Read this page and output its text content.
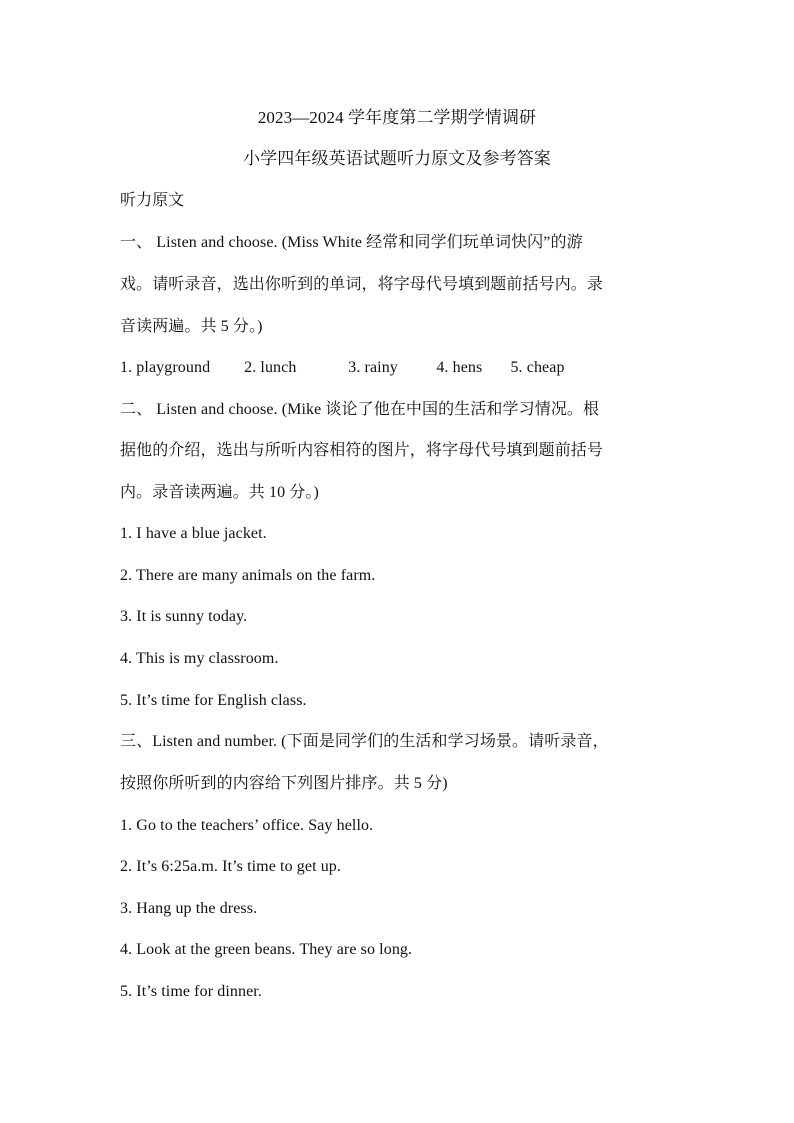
2023—2024 学年度第二学期学情调研
小学四年级英语试题听力原文及参考答案
听力原文
一、 Listen and choose. (Miss White 经常和同学们玩单词快闪”的游
戏。请听录音，选出你听到的单词，将字母代号填到题前括号内。录
音读两遍。共 5 分。)
1. playground 2. lunch	3. rainy 4. hens 5. cheap
二、 Listen and choose. (Mike 谈论了他在中国的生活和学习情况。根
据他的介绍，选出与所听内容相符的图片，将字母代号填到题前括号
内。录音读两遍。共 10 分。)
1. I have a blue jacket.
2. There are many animals on the farm.
3. It is sunny today.
4. This is my classroom.
5. It’s time for English class.
三、Listen and number. (下面是同学们的生活和学习场景。请听录音，
按照你所听到的内容给下列图片排序。共 5 分)
1. Go to the teachers’ office. Say hello.
2. It’s 6:25a.m. It’s time to get up.
3. Hang up the dress.
4. Look at the green beans. They are so long.
5. It’s time for dinner.
